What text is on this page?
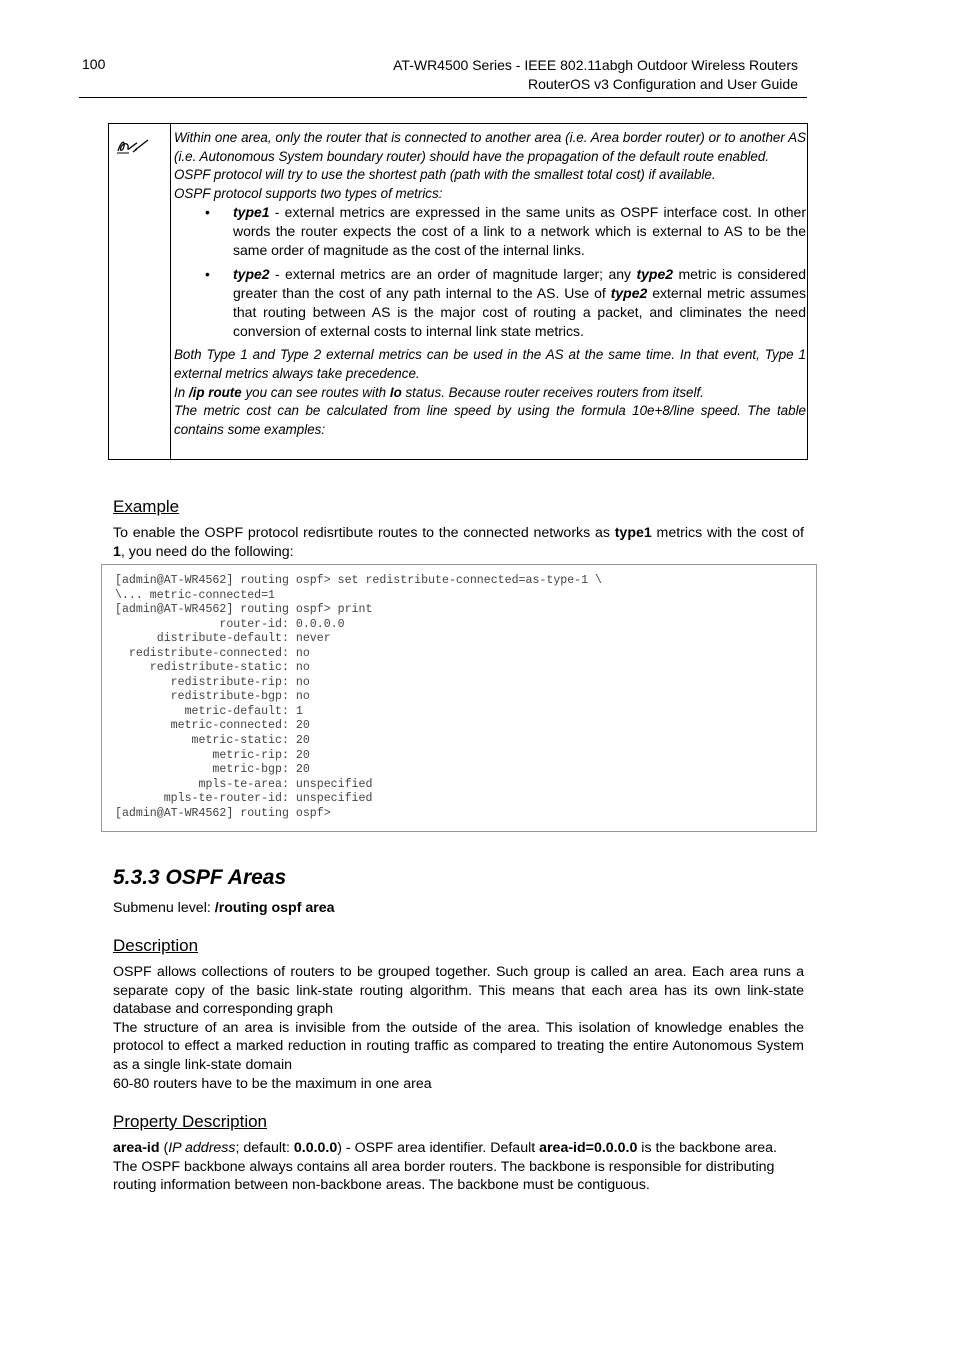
100	AT-WR4500 Series - IEEE 802.11abgh Outdoor Wireless Routers
RouterOS v3 Configuration and User Guide

Within one area, only the router that is connected to another area (i.e. Area border router) or to another AS (i.e. Autonomous System boundary router) should have the propagation of the default route enabled.

OSPF protocol will try to use the shortest path (path with the smallest total cost) if available.

OSPF protocol supports two types of metrics:

• type1 - external metrics are expressed in the same units as OSPF interface cost. In other words the router expects the cost of a link to a network which is external to AS to be the same order of magnitude as the cost of the internal links.
• type2 - external metrics are an order of magnitude larger; any type2 metric is considered greater than the cost of any path internal to the AS. Use of type2 external metric assumes that routing between AS is the major cost of routing a packet, and climinates the need conversion of external costs to internal link state metrics.

Both Type 1 and Type 2 external metrics can be used in the AS at the same time. In that event, Type 1 external metrics always take precedence.

In /ip route you can see routes with Io status. Because router receives routers from itself.

The metric cost can be calculated from line speed by using the formula 10e+8/line speed. The table contains some examples:

Example
To enable the OSPF protocol redisrtibute routes to the connected networks as type1 metrics with the cost of 1, you need do the following:
[admin@AT-WR4562] routing ospf> set redistribute-connected=as-type-1 \
\... metric-connected=1
[admin@AT-WR4562] routing ospf> print
router-id: 0.0.0.0
distribute-default: never
redistribute-connected: no
redistribute-static: no
redistribute-rip: no
redistribute-bgp: no
metric-default: 1
metric-connected: 20
metric-static: 20
metric-rip: 20
metric-bgp: 20
mpls-te-area: unspecified
mpls-te-router-id: unspecified
[admin@AT-WR4562] routing ospf>
5.3.3 OSPF Areas
Submenu level: /routing ospf area
Description
OSPF allows collections of routers to be grouped together. Such group is called an area. Each area runs a separate copy of the basic link-state routing algorithm. This means that each area has its own link-state database and corresponding graph
The structure of an area is invisible from the outside of the area. This isolation of knowledge enables the protocol to effect a marked reduction in routing traffic as compared to treating the entire Autonomous System as a single link-state domain
60-80 routers have to be the maximum in one area
Property Description
area-id (IP address; default: 0.0.0.0) - OSPF area identifier. Default area-id=0.0.0.0 is the backbone area. The OSPF backbone always contains all area border routers. The backbone is responsible for distributing routing information between non-backbone areas. The backbone must be contiguous.
